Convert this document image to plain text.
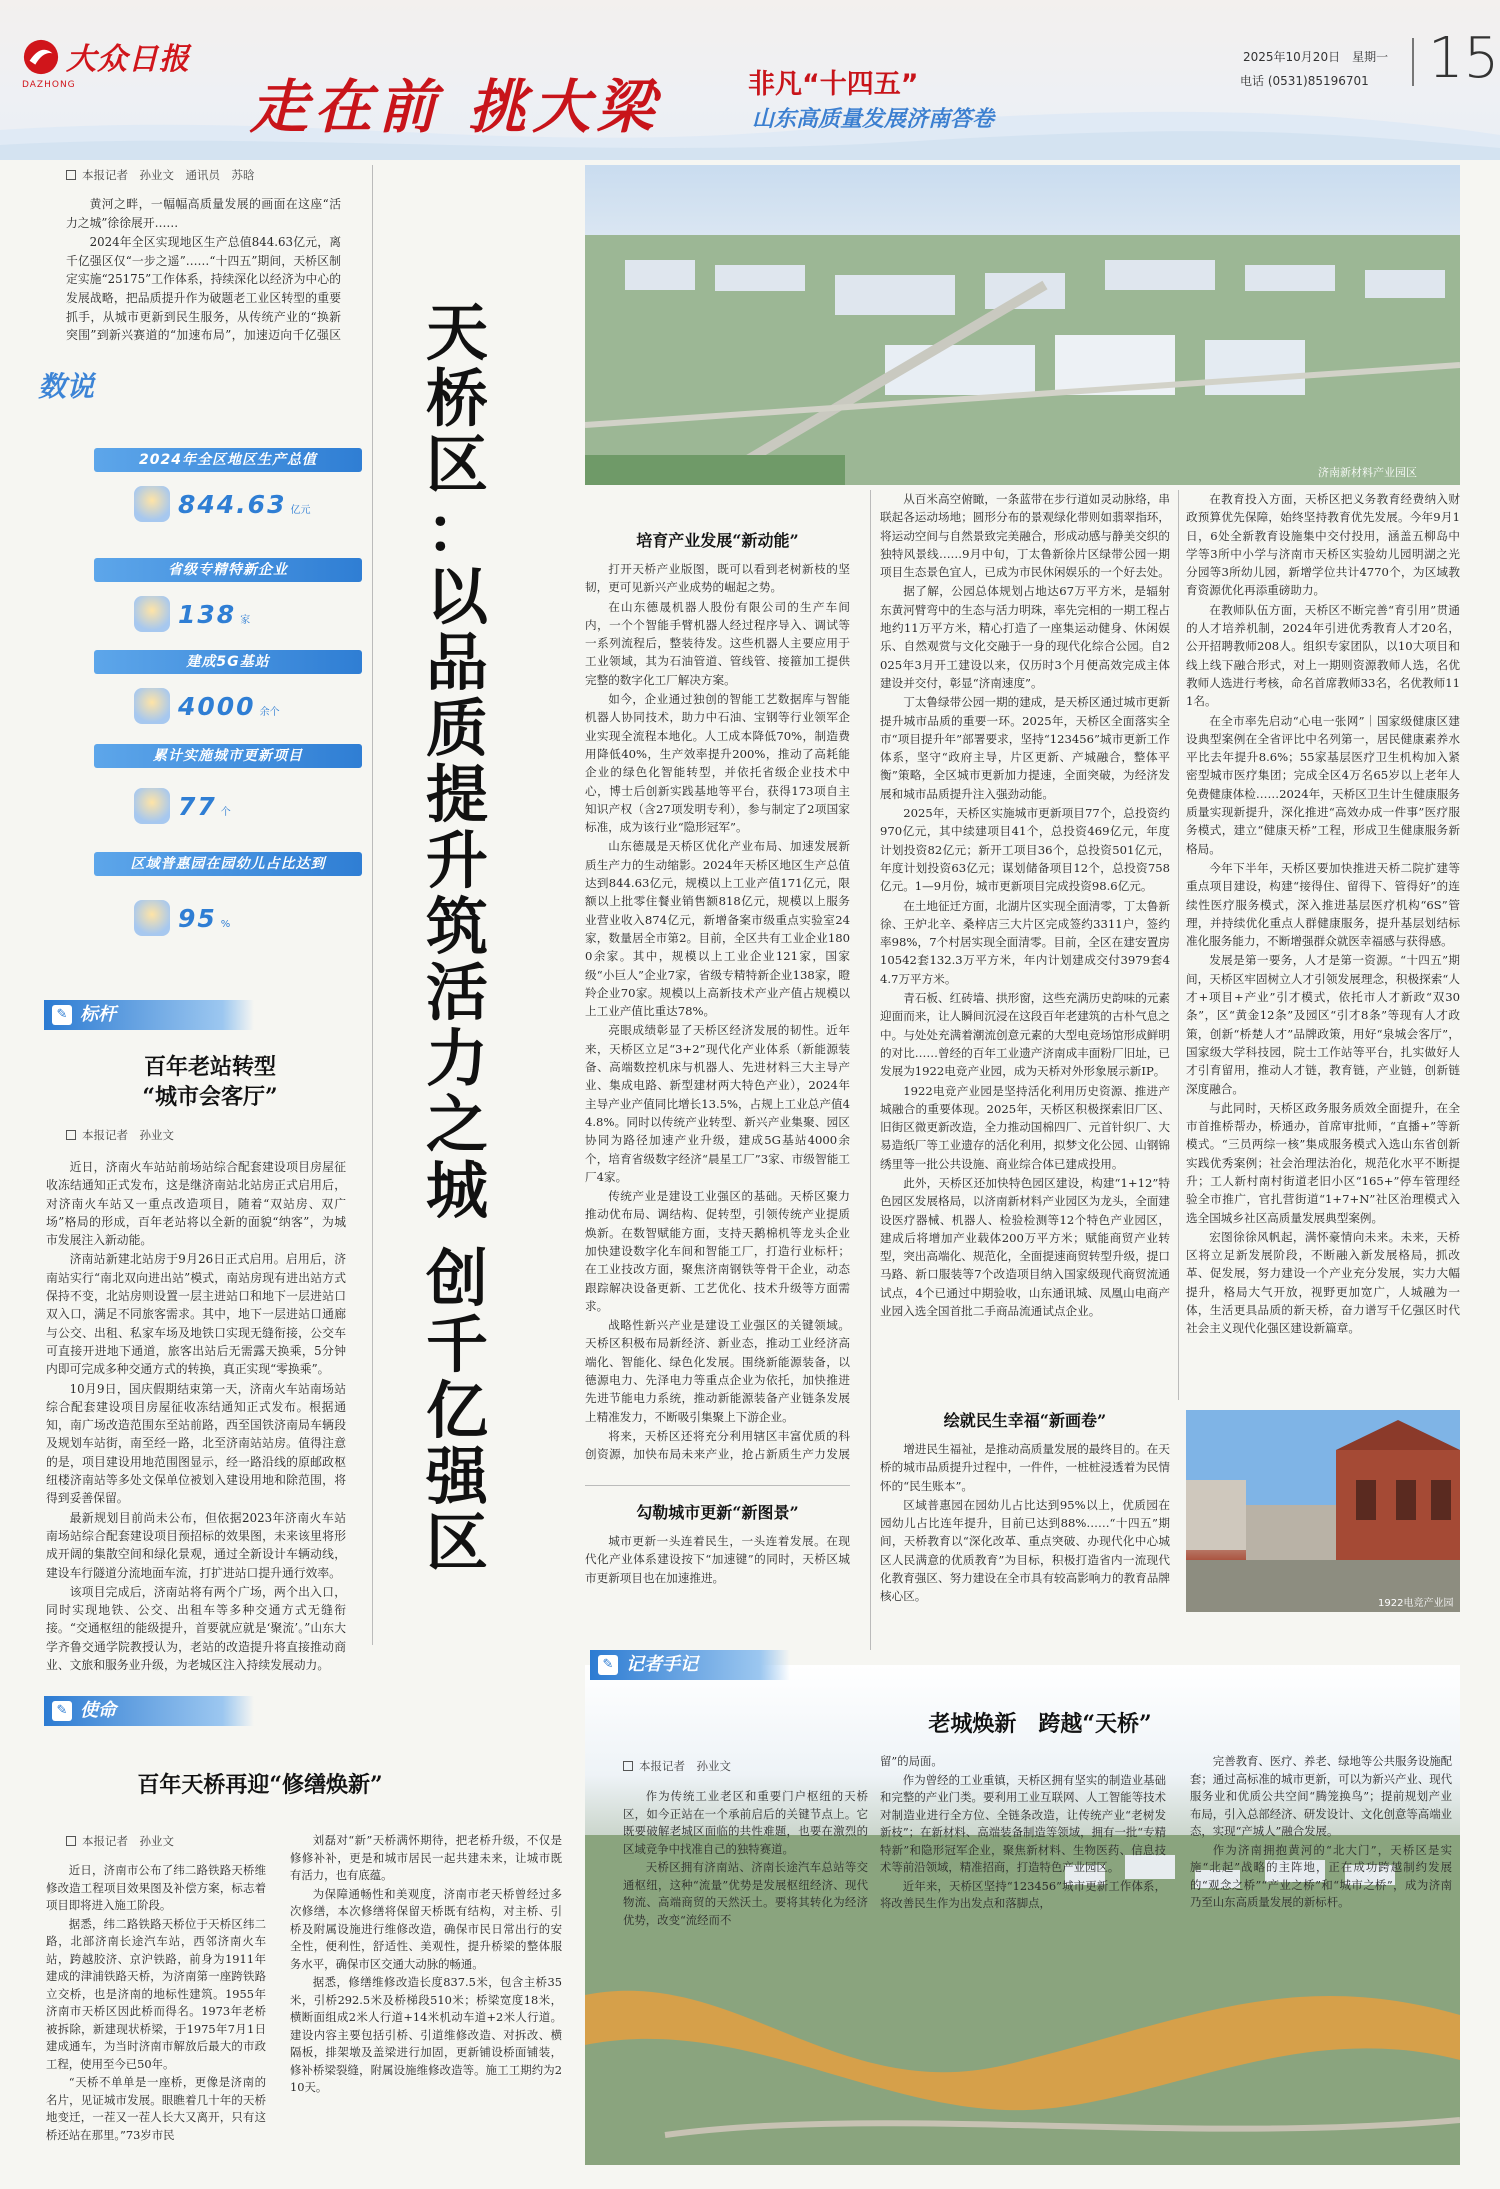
大众日报
DAZHONG	走在前 挑大梁	非凡“十四五”
山东高质量发展济南答卷
2025年10月20日　星期一
电话 (0531)85196701 15
本报记者　孙业文　通讯员　苏晗

黄河之畔，一幅幅高质量发展的画面在这座“活力之城”徐徐展开……

2024年全区实现地区生产总值844.63亿元，离千亿强区仅“一步之遥”……“十四五”期间，天桥区制定实施“25175”工作体系，持续深化以经济为中心的发展战略，把品质提升作为破题老工业区转型的重要抓手，从城市更新到民生服务，从传统产业的“换新突围”到新兴赛道的“加速布局”，加速迈向千亿强区

数说
2024年全区地区生产总值
844.63 亿元
省级专精特新企业
138 家
建成5G基站
4000 余个
累计实施城市更新项目
77 个
区域普惠园在园幼儿占比达到
95 %
✎ 标杆
百年老站转型
“城市会客厅”
本报记者　孙业文

近日，济南火车站站前场站综合配套建设项目房屋征收冻结通知正式发布，这是继济南站北站房正式启用后，对济南火车站又一重点改造项目，随着“双站房、双广场”格局的形成，百年老站将以全新的面貌“纳客”，为城市发展注入新动能。

济南站新建北站房于9月26日正式启用。启用后，济南站实行“南北双向进出站”模式，南站房现有进出站方式保持不变，北站房则设置一层主进站口和地下一层进站口双入口，满足不同旅客需求。其中，地下一层进站口通廊与公交、出租、私家车场及地铁口实现无缝衔接，公交车可直接开进地下通道，旅客出站后无需露天换乘，5分钟内即可完成多种交通方式的转换，真正实现“零换乘”。

10月9日，国庆假期结束第一天，济南火车站南场站综合配套建设项目房屋征收冻结通知正式发布。根据通知，南广场改造范围东至站前路，西至国铁济南局车辆段及规划车站街，南至经一路，北至济南站站房。值得注意的是，项目建设用地范围图显示，经一路沿线的原邮政枢纽楼济南站等多处文保单位被划入建设用地和除范围，将得到妥善保留。

最新规划目前尚未公布，但依据2023年济南火车站南场站综合配套建设项目预招标的效果图，未来该里将形成开阔的集散空间和绿化景观，通过全新设计车辆动线，建设车行隧道分流地面车流，打扩进站口提升通行效率。

该项目完成后，济南站将有两个广场，两个出入口，同时实现地铁、公交、出租车等多种交通方式无缝衔接。“交通枢纽的能级提升，首要就应就是‘聚流’。”山东大学齐鲁交通学院教授认为，老站的改造提升将直接推动商业、文旅和服务业升级，为老城区注入持续发展动力。

✎ 使命
百年天桥再迎“修缮焕新”
本报记者　孙业文

近日，济南市公布了纬二路铁路天桥维修改造工程项目效果图及补偿方案，标志着项目即将进入施工阶段。

据悉，纬二路铁路天桥位于天桥区纬二路，北部济南长途汽车站，西邻济南火车站，跨越胶济、京沪铁路，前身为1911年建成的津浦铁路天桥，为济南第一座跨铁路立交桥，也是济南的地标性建筑。1955年济南市天桥区因此桥而得名。1973年老桥被拆除，新建现状桥梁，于1975年7月1日建成通车，为当时济南市解放后最大的市政工程，使用至今已50年。

“天桥不单单是一座桥，更像是济南的名片，见证城市发展。眼瞧着几十年的天桥地变迁，一茬又一茬人长大又离开，只有这桥还站在那里。”73岁市民

刘磊对“新”天桥满怀期待，把老桥升级，不仅是修修补补，更是和城市居民一起共建未来，让城市既有活力，也有底蕴。

为保障通畅性和美观度，济南市老天桥曾经过多次修缮，本次修缮将保留天桥既有结构，对主桥、引桥及附属设施进行维修改造，确保市民日常出行的安全性，便利性，舒适性、美观性，提升桥梁的整体服务水平，确保市区交通大动脉的畅通。

据悉，修缮维修改造长度837.5米，包含主桥35米，引桥292.5米及桥梯段510米；桥梁宽度18米，横断面组成2米人行道+14米机动车道+2米人行道。建设内容主要包括引桥、引道维修改造、对拆改、横隔板，排架墩及盖梁进行加固，更新铺设桥面铺装，修补桥梁裂缝，附属设施维修改造等。施工工期约为210天。

天
桥
区
：
以
品
质
提
升
筑
活
力
之
城

创
千
亿
强
区
济南新材料产业园区
培育产业发展“新动能”

打开天桥产业版图，既可以看到老树新枝的坚韧，更可见新兴产业成势的崛起之势。

在山东德晟机器人股份有限公司的生产车间内，一个个智能手臂机器人经过程序导入、调试等一系列流程后，整装待发。这些机器人主要应用于工业领域，其为石油管道、管线管、接箍加工提供完整的数字化工厂解决方案。

如今，企业通过独创的智能工艺数据库与智能机器人协同技术，助力中石油、宝钢等行业领军企业实现全流程本地化。人工成本降低70%，制造费用降低40%，生产效率提升200%，推动了高耗能企业的绿色化智能转型，并依托省级企业技术中心，博士后创新实践基地等平台，获得173项自主知识产权（含27项发明专利），参与制定了2项国家标准，成为该行业“隐形冠军”。

山东德晟是天桥区优化产业布局、加速发展新质生产力的生动缩影。2024年天桥区地区生产总值达到844.63亿元，规模以上工业产值171亿元，限额以上批零住餐业销售额818亿元，规模以上服务业营业收入874亿元，新增备案市级重点实验室24家，数量居全市第2。目前，全区共有工业企业1800余家。其中，规模以上工业企业121家，国家级“小巨人”企业7家，省级专精特新企业138家，瞪羚企业70家。规模以上高新技术产业产值占规模以上工业产值比重达78%。

亮眼成绩彰显了天桥区经济发展的韧性。近年来，天桥区立足“3+2”现代化产业体系（新能源装备、高端数控机床与机器人、先进材料三大主导产业、集成电路、新型建材两大特色产业），2024年主导产业产值同比增长13.5%，占规上工业总产值44.8%。同时以传统产业转型、新兴产业集聚、园区协同为路径加速产业升级，建成5G基站4000余个，培育省级数字经济“晨星工厂”3家、市级智能工厂4家。

传统产业是建设工业强区的基础。天桥区聚力推动优布局、调结构、促转型，引领传统产业提质焕新。在数智赋能方面，支持天鹅棉机等龙头企业加快建设数字化车间和智能工厂，打造行业标杆；在工业技改方面，聚焦济南钢铁等骨干企业，动态跟踪解决设备更新、工艺优化、技术升级等方面需求。

战略性新兴产业是建设工业强区的关键领域。天桥区积极布局新经济、新业态，推动工业经济高端化、智能化、绿色化发展。围绕新能源装备，以德源电力、先泽电力等重点企业为依托，加快推进先进节能电力系统，推动新能源装备产业链条发展上精准发力，不断吸引集聚上下游企业。

将来，天桥区还将充分利用辖区丰富优质的科创资源，加快布局未来产业，抢占新质生产力发展

勾勒城市更新“新图景”

城市更新一头连着民生，一头连着发展。在现代化产业体系建设按下“加速键”的同时，天桥区城市更新项目也在加速推进。

从百米高空俯瞰，一条蓝带在步行道如灵动脉络，串联起各运动场地；圆形分布的景观绿化带则如翡翠指环，将运动空间与自然景致完美融合，形成动感与静美交织的独特风景线……9月中旬，丁太鲁新徐片区绿带公园一期项目生态景色宜人，已成为市民休闲娱乐的一个好去处。

据了解，公园总体规划占地达67万平方米，是辐射东黄河臂弯中的生态与活力明珠，率先完相的一期工程占地约11万平方米，精心打造了一座集运动健身、休闲娱乐、自然观赏与文化交融于一身的现代化综合公园。自2025年3月开工建设以来，仅历时3个月便高效完成主体建设并交付，彰显“济南速度”。

丁太鲁绿带公园一期的建成，是天桥区通过城市更新提升城市品质的重要一环。2025年，天桥区全面落实全市“项目提升年”部署要求，坚持“123456”城市更新工作体系，坚守“政府主导，片区更新、产城融合，整体平衡”策略，全区城市更新加力提速，全面突破，为经济发展和城市品质提升注入强劲动能。

2025年，天桥区实施城市更新项目77个，总投资约970亿元，其中续建项目41个，总投资469亿元，年度计划投资82亿元；新开工项目36个，总投资501亿元，年度计划投资63亿元；谋划储备项目12个，总投资758亿元。1—9月份，城市更新项目完成投资98.6亿元。

在土地征迁方面，北湖片区实现全面清零，丁太鲁新徐、王炉北辛、桑梓店三大片区完成签约3311户，签约率98%，7个村居实现全面清零。目前，全区在建安置房10542套132.3万平方米，年内计划建成交付3979套44.7万平方米。

青石板、红砖墙、拱形窗，这些充满历史韵味的元素迎面而来，让人瞬间沉浸在这段百年老建筑的古朴气息之中。与处处充满着潮流创意元素的大型电竞场馆形成鲜明的对比……曾经的百年工业遗产济南成丰面粉厂旧址，已发展为1922电竞产业园，成为天桥对外形象展示新IP。

1922电竞产业园是坚持活化利用历史资源、推进产城融合的重要体现。2025年，天桥区积极探索旧厂区、旧街区微更新改造，全力推动国棉四厂、元首针织厂、大易造纸厂等工业遗存的活化利用，拟梦文化公园、山钢锦绣里等一批公共设施、商业综合体已建成投用。

此外，天桥区还加快特色园区建设，构建“1+12”特色园区发展格局，以济南新材料产业园区为龙头，全面建设医疗器械、机器人、检验检测等12个特色产业园区，建成后将增加产业载体200万平方米；赋能商贸产业转型，突出高端化、规范化，全面提速商贸转型升级，提口马路、新口服装等7个改造项目纳入国家级现代商贸流通试点，4个已通过中期验收，山东通讯城、凤凰山电商产业园入选全国首批二手商品流通试点企业。

绘就民生幸福“新画卷”

在教育投入方面，天桥区把义务教育经费纳入财政预算优先保障，始终坚持教育优先发展。今年9月1日，6处全新教育设施集中交付投用，涵盖五柳岛中学等3所中小学与济南市天桥区实验幼儿园明湖之光分园等3所幼儿园，新增学位共计4770个，为区域教育资源优化再添重磅助力。

在教师队伍方面，天桥区不断完善“育引用”贯通的人才培养机制，2024年引进优秀教育人才20名，公开招聘教师208人。组织专家团队，以10大项目和线上线下融合形式，对上一期则资源教师人选，名优教师人选进行考核，命名首席教师33名，名优教师111名。

在全市率先启动“心电一张网”｜国家级健康区建设典型案例在全省评比中名列第一，居民健康素养水平比去年提升8.6%；55家基层医疗卫生机构加入紧密型城市医疗集团；完成全区4万名65岁以上老年人免费健康体检……2024年，天桥区卫生计生健康服务质量实现新提升，深化推进“高效办成一件事”医疗服务模式，建立“健康天桥”工程，形成卫生健康服务新格局。

今年下半年，天桥区要加快推进天桥二院扩建等重点项目建设，构建“接得住、留得下、管得好”的连续性医疗服务模式，深入推进基层医疗机构“6S”管理，并持续优化重点人群健康服务，提升基层划结标准化服务能力，不断增强群众就医幸福感与获得感。

发展是第一要务，人才是第一资源。“十四五”期间，天桥区牢固树立人才引领发展理念，积极探索“人才+项目+产业”引才模式，依托市人才新政“双30条”，区“黄金12条”及园区“引才8条”等现有人才政策，创新“桥楚人才”品牌政策，用好“泉城会客厅”，国家级大学科技园，院士工作站等平台，扎实做好人才引育留用，推动人才链，教育链，产业链，创新链深度融合。

与此同时，天桥区政务服务质效全面提升，在全市首推桥帮办，桥通办，首席审批师，“直播+”等新模式。“三员两综一核”集成服务模式入选山东省创新实践优秀案例；社会治理法治化，规范化水平不断提升；工人新村南村街道老旧小区“165+”停车管理经验全市推广，官扎营街道“1+7+N”社区治理模式入选全国城乡社区高质量发展典型案例。

宏图徐徐风帆起，满怀豪情向未来。未来，天桥区将立足新发展阶段，不断融入新发展格局，抓改革、促发展，努力建设一个产业充分发展，实力大幅提升，格局大气开放，视野更加宽广，人城融为一体，生活更具品质的新天桥，奋力谱写千亿强区时代社会主义现代化强区建设新篇章。

增进民生福祉，是推动高质量发展的最终目的。在天桥的城市品质提升过程中，一件件，一桩桩浸透着为民情怀的“民生账本”。

区域普惠园在园幼儿占比达到95%以上，优质园在园幼儿占比连年提升，目前已达到88%……“十四五”期间，天桥教育以“深化改革、重点突破、办现代化中心城区人民满意的优质教育”为目标，积极打造省内一流现代化教育强区、努力建设在全市具有较高影响力的教育品牌核心区。

1922电竞产业园
✎ 记者手记
老城焕新　跨越“天桥”
本报记者　孙业文

作为传统工业老区和重要门户枢纽的天桥区，如今正站在一个承前启后的关键节点上。它既要破解老城区面临的共性难题，也要在激烈的区域竞争中找准自己的独特赛道。

天桥区拥有济南站、济南长途汽车总站等交通枢纽，这种“流量”优势是发展枢纽经济、现代物流、高端商贸的天然沃土。要将其转化为经济优势，改变“流经而不

留”的局面。

作为曾经的工业重镇，天桥区拥有坚实的制造业基础和完整的产业门类。要利用工业互联网、人工智能等技术对制造业进行全方位、全链条改造，让传统产业“老树发新枝”；在新材料、高端装备制造等领域，拥有一批“专精特新”和隐形冠军企业，聚焦新材料、生物医药、信息技术等前沿领域，精准招商，打造特色产业园区。

近年来，天桥区坚持“123456”城市更新工作体系，将改善民生作为出发点和落脚点，

完善教育、医疗、养老、绿地等公共服务设施配套；通过高标准的城市更新，可以为新兴产业、现代服务业和优质公共空间“腾笼换鸟”；提前规划产业布局，引入总部经济、研发设计、文化创意等高端业态，实现“产城人”融合发展。

作为济南拥抱黄河的“北大门”，天桥区是实施“北起”战略的主阵地，正在成功跨越制约发展的“观念之桥”“产业之桥”和“城市之桥”，成为济南乃至山东高质量发展的新标杆。
